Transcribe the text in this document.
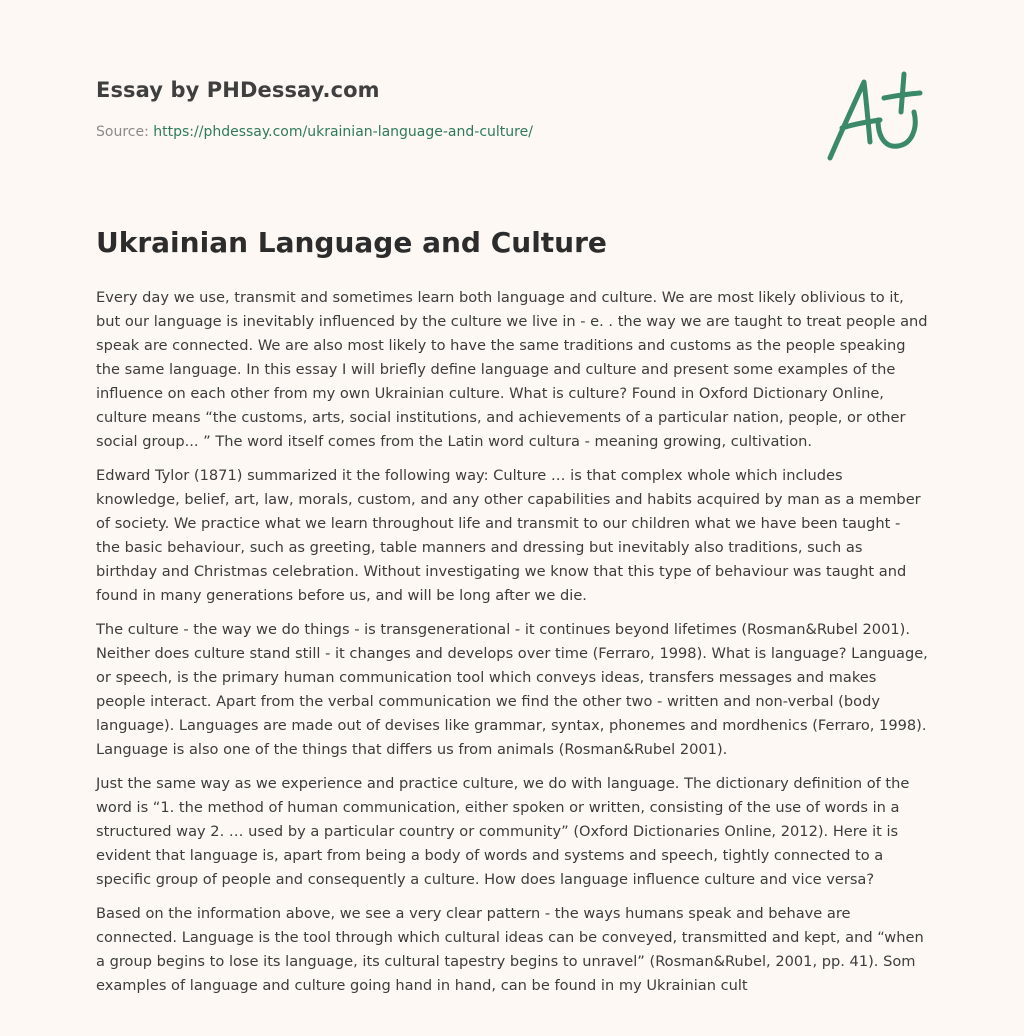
Essay by PHDessay.com
Source: https://phdessay.com/ukrainian-language-and-culture/
Ukrainian Language and Culture

Every day we use, transmit and sometimes learn both language and culture. We are most likely oblivious to it, but our language is inevitably influenced by the culture we live in - e. . the way we are taught to treat people and speak are connected. We are also most likely to have the same traditions and customs as the people speaking the same language. In this essay I will briefly define language and culture and present some examples of the influence on each other from my own Ukrainian culture. What is culture? Found in Oxford Dictionary Online, culture means “the customs, arts, social institutions, and achievements of a particular nation, people, or other social group... ” The word itself comes from the Latin word cultura - meaning growing, cultivation.

Edward Tylor (1871) summarized it the following way: Culture … is that complex whole which includes knowledge, belief, art, law, morals, custom, and any other capabilities and habits acquired by man as a member of society. We practice what we learn throughout life and transmit to our children what we have been taught - the basic behaviour, such as greeting, table manners and dressing but inevitably also traditions, such as birthday and Christmas celebration. Without investigating we know that this type of behaviour was taught and found in many generations before us, and will be long after we die.

The culture - the way we do things - is transgenerational - it continues beyond lifetimes (Rosman&Rubel 2001). Neither does culture stand still - it changes and develops over time (Ferraro, 1998). What is language? Language, or speech, is the primary human communication tool which conveys ideas, transfers messages and makes people interact. Apart from the verbal communication we find the other two - written and non-verbal (body language). Languages are made out of devises like grammar, syntax, phonemes and mordhenics (Ferraro, 1998). Language is also one of the things that differs us from animals (Rosman&Rubel 2001).

Just the same way as we experience and practice culture, we do with language. The dictionary definition of the word is “1. the method of human communication, either spoken or written, consisting of the use of words in a structured way 2. … used by a particular country or community” (Oxford Dictionaries Online, 2012). Here it is evident that language is, apart from being a body of words and systems and speech, tightly connected to a specific group of people and consequently a culture. How does language influence culture and vice versa?

Based on the information above, we see a very clear pattern - the ways humans speak and behave are connected. Language is the tool through which cultural ideas can be conveyed, transmitted and kept, and “when a group begins to lose its language, its cultural tapestry begins to unravel” (Rosman&Rubel, 2001, pp. 41). Som examples of language and culture going hand in hand, can be found in my Ukrainian cult
